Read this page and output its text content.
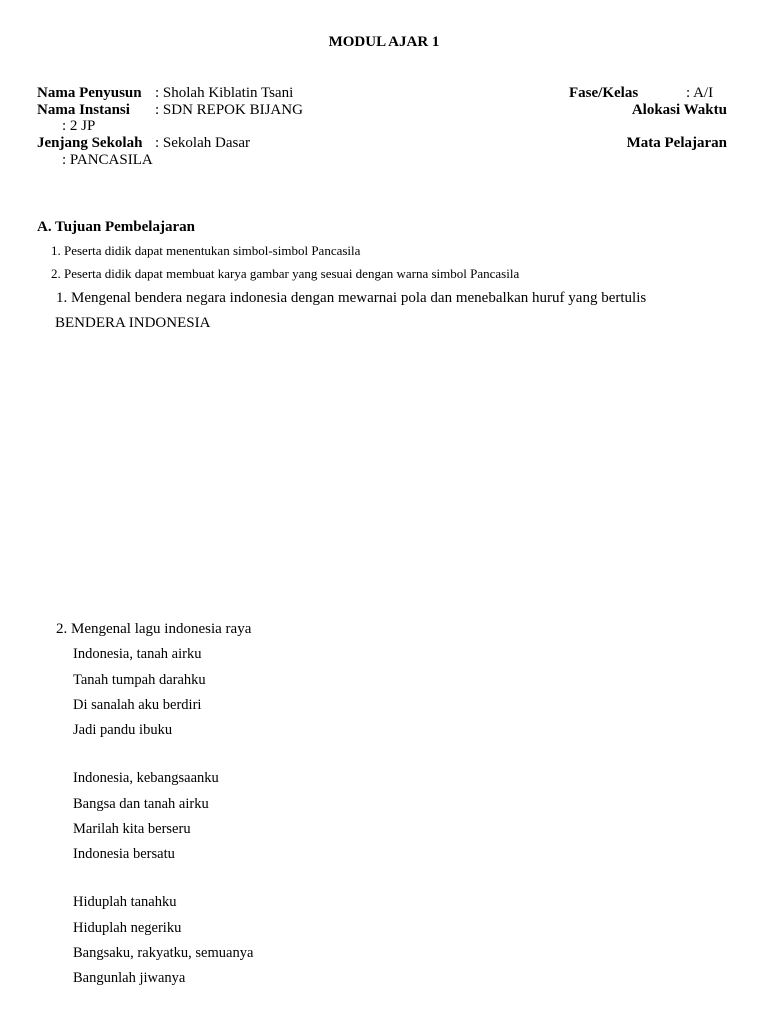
MODUL AJAR 1
Nama Penyusun : Sholah Kiblatin Tsani	Fase/Kelas	: A/I
Nama Instansi : SDN REPOK BIJANG	Alokasi Waktu
: 2 JP
Jenjang Sekolah : Sekolah Dasar	Mata Pelajaran
: PANCASILA
A. Tujuan Pembelajaran
1. Peserta didik dapat menentukan simbol-simbol Pancasila
2. Peserta didik dapat membuat karya gambar yang sesuai dengan warna simbol Pancasila
1. Mengenal bendera negara indonesia dengan mewarnai pola dan menebalkan huruf yang bertulis
BENDERA INDONESIA
2. Mengenal lagu indonesia raya
Indonesia, tanah airku
Tanah tumpah darahku
Di sanalah aku berdiri
Jadi pandu ibuku
Indonesia, kebangsaanku
Bangsa dan tanah airku
Marilah kita berseru
Indonesia bersatu
Hiduplah tanahku
Hiduplah negeriku
Bangsaku, rakyatku, semuanya
Bangunlah jiwanya
